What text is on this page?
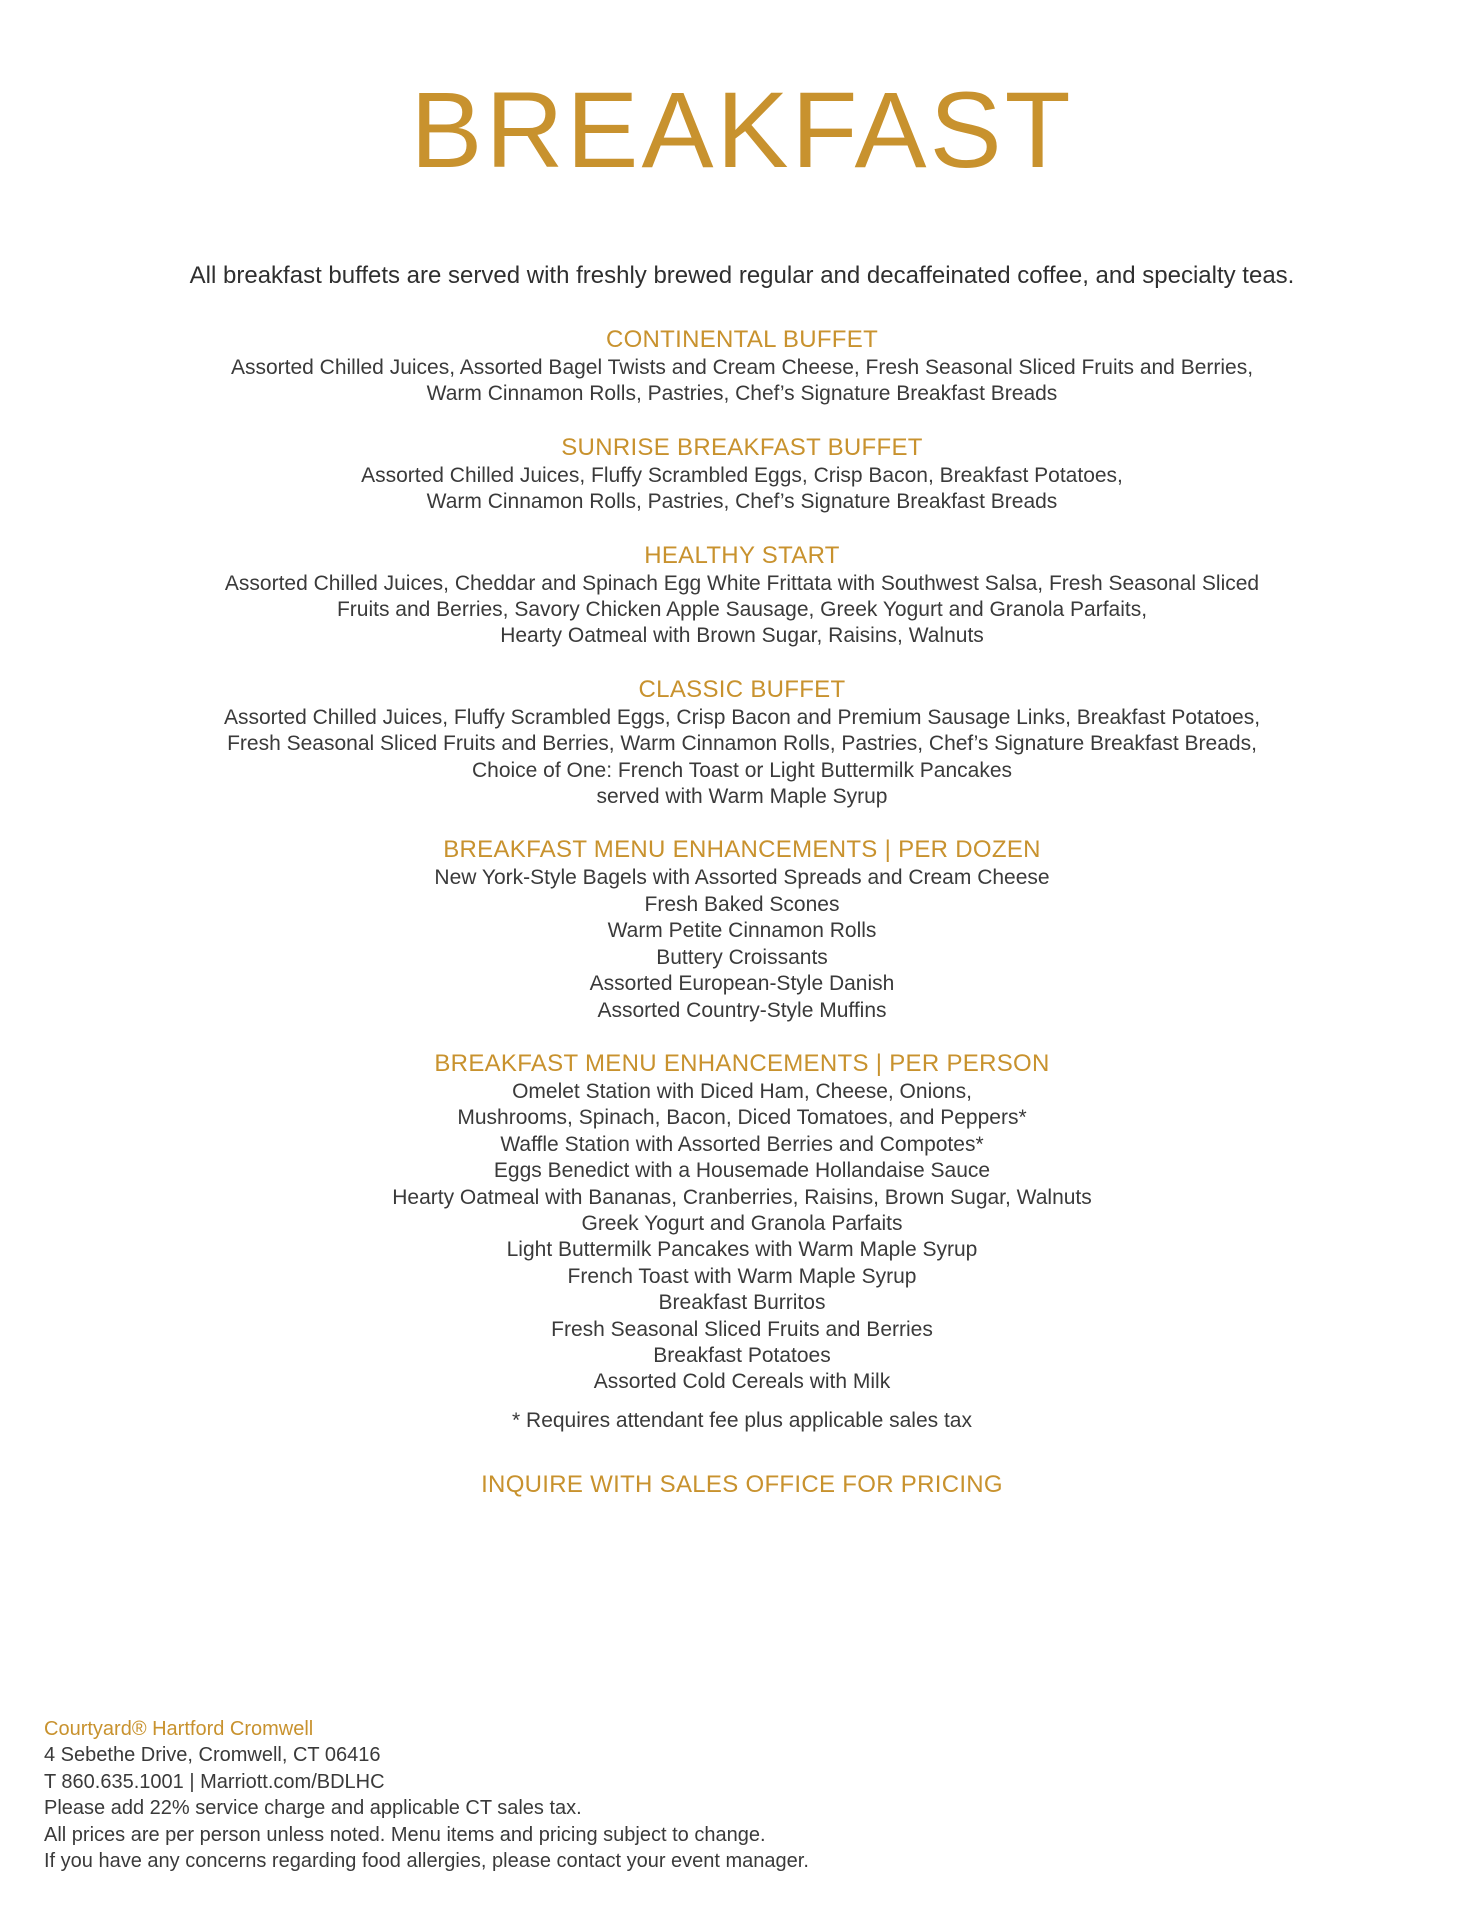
BREAKFAST
All breakfast buffets are served with freshly brewed regular and decaffeinated coffee, and specialty teas.

CONTINENTAL BUFFET

Assorted Chilled Juices, Assorted Bagel Twists and Cream Cheese, Fresh Seasonal Sliced Fruits and Berries,

Warm Cinnamon Rolls, Pastries, Chef’s Signature Breakfast Breads

SUNRISE BREAKFAST BUFFET

Assorted Chilled Juices, Fluffy Scrambled Eggs, Crisp Bacon, Breakfast Potatoes,

Warm Cinnamon Rolls, Pastries, Chef’s Signature Breakfast Breads

HEALTHY START

Assorted Chilled Juices, Cheddar and Spinach Egg White Frittata with Southwest Salsa, Fresh Seasonal Sliced

Fruits and Berries, Savory Chicken Apple Sausage, Greek Yogurt and Granola Parfaits,

Hearty Oatmeal with Brown Sugar, Raisins, Walnuts

CLASSIC BUFFET

Assorted Chilled Juices, Fluffy Scrambled Eggs, Crisp Bacon and Premium Sausage Links, Breakfast Potatoes,

Fresh Seasonal Sliced Fruits and Berries, Warm Cinnamon Rolls, Pastries, Chef’s Signature Breakfast Breads,

Choice of One: French Toast or Light Buttermilk Pancakes

served with Warm Maple Syrup

BREAKFAST MENU ENHANCEMENTS | PER DOZEN

New York-Style Bagels with Assorted Spreads and Cream Cheese

Fresh Baked Scones

Warm Petite Cinnamon Rolls

Buttery Croissants

Assorted European-Style Danish

Assorted Country-Style Muffins

BREAKFAST MENU ENHANCEMENTS | PER PERSON

Omelet Station with Diced Ham, Cheese, Onions,

Mushrooms, Spinach, Bacon, Diced Tomatoes, and Peppers*

Waffle Station with Assorted Berries and Compotes*

Eggs Benedict with a Housemade Hollandaise Sauce

Hearty Oatmeal with Bananas, Cranberries, Raisins, Brown Sugar, Walnuts

Greek Yogurt and Granola Parfaits

Light Buttermilk Pancakes with Warm Maple Syrup

French Toast with Warm Maple Syrup

Breakfast Burritos

Fresh Seasonal Sliced Fruits and Berries

Breakfast Potatoes

Assorted Cold Cereals with Milk

* Requires attendant fee plus applicable sales tax

INQUIRE WITH SALES OFFICE FOR PRICING

Courtyard® Hartford Cromwell

4 Sebethe Drive, Cromwell, CT 06416

T 860.635.1001 | Marriott.com/BDLHC

Please add 22% service charge and applicable CT sales tax.

All prices are per person unless noted. Menu items and pricing subject to change.

If you have any concerns regarding food allergies, please contact your event manager.
